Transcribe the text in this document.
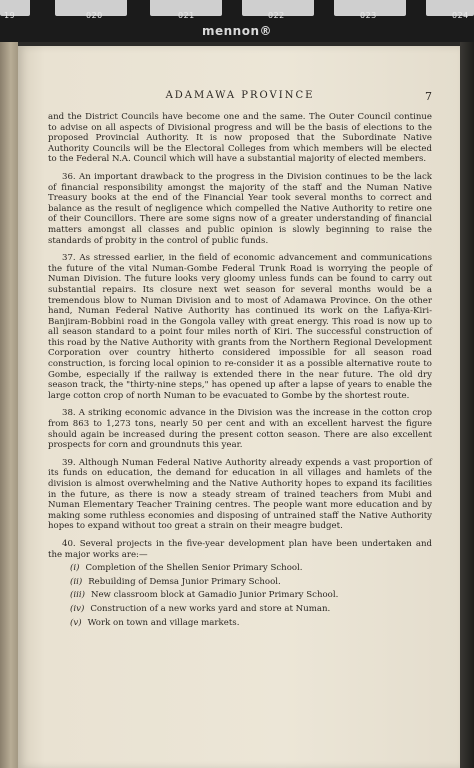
19	020	021	022	023	024
mennon®
ADAMAWA PROVINCE	7

and the District Councils have become one and the same. The Outer Council continue to advise on all aspects of Divisional progress and will be the basis of elections to the proposed Provincial Authority. It is now proposed that the Subordinate Native Authority Councils will be the Electoral Colleges from which members will be elected to the Federal N.A. Council which will have a substantial majority of elected members.

36. An important drawback to the progress in the Division continues to be the lack of financial responsibility amongst the majority of the staff and the Numan Native Treasury books at the end of the Financial Year took several months to correct and balance as the result of negligence which compelled the Native Authority to retire one of their Councillors. There are some signs now of a greater understanding of financial matters amongst all classes and public opinion is slowly beginning to raise the standards of probity in the control of public funds.

37. As stressed earlier, in the field of economic advancement and communications the future of the vital Numan-Gombe Federal Trunk Road is worrying the people of Numan Division. The future looks very gloomy unless funds can be found to carry out substantial repairs. Its closure next wet season for several months would be a tremendous blow to Numan Division and to most of Adamawa Province. On the other hand, Numan Federal Native Authority has continued its work on the Lafiya-Kiri-Banjiram-Bobbini road in the Gongola valley with great energy. This road is now up to all season standard to a point four miles north of Kiri. The successful construction of this road by the Native Authority with grants from the Northern Regional Development Corporation over country hitherto considered impossible for all season road construction, is forcing local opinion to re-consider it as a possible alternative route to Gombe, especially if the railway is extended there in the near future. The old dry season track, the "thirty-nine steps," has opened up after a lapse of years to enable the large cotton crop of north Numan to be evacuated to Gombe by the shortest route.

38. A striking economic advance in the Division was the increase in the cotton crop from 863 to 1,273 tons, nearly 50 per cent and with an excellent harvest the figure should again be increased during the present cotton season. There are also excellent prospects for corn and groundnuts this year.

39. Although Numan Federal Native Authority already expends a vast proportion of its funds on education, the demand for education in all villages and hamlets of the division is almost overwhelming and the Native Authority hopes to expand its facilities in the future, as there is now a steady stream of trained teachers from Mubi and Numan Elementary Teacher Training centres. The people want more education and by making some ruthless economies and disposing of untrained staff the Native Authority hopes to expand without too great a strain on their meagre budget.

40. Several projects in the five-year development plan have been undertaken and the major works are:—

(i) Completion of the Shellen Senior Primary School.
(ii) Rebuilding of Demsa Junior Primary School.
(iii) New classroom block at Gamadio Junior Primary School.
(iv) Construction of a new works yard and store at Numan.
(v) Work on town and village markets.
